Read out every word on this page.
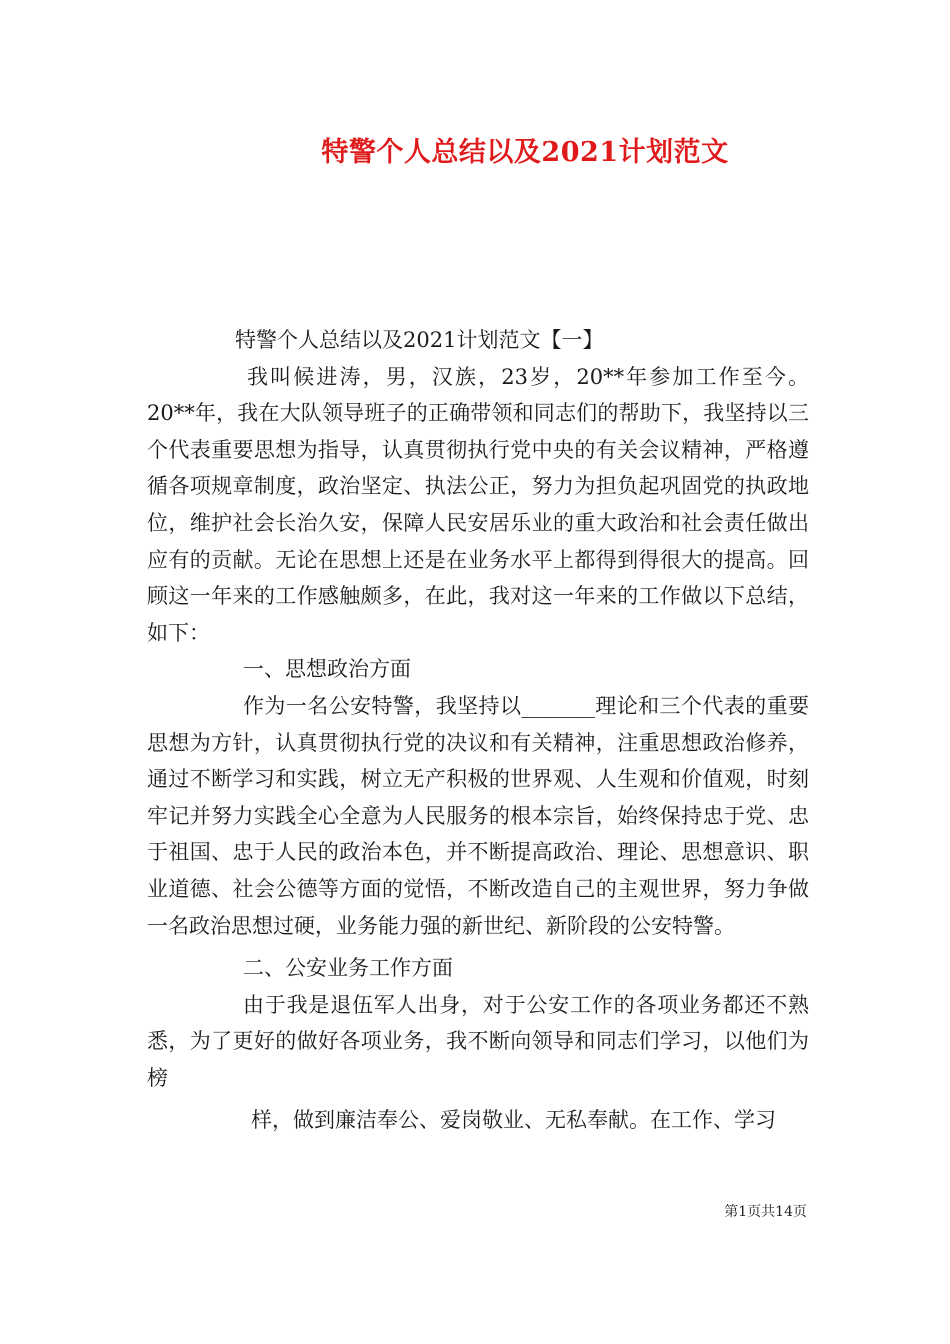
特警个人总结以及2021计划范文

特警个人总结以及2021计划范文【一】

我叫候进涛，男，汉族，23岁，20**年参加工作至今。20**年，我在大队领导班子的正确带领和同志们的帮助下，我坚持以三个代表重要思想为指导，认真贯彻执行党中央的有关会议精神，严格遵循各项规章制度，政治坚定、执法公正，努力为担负起巩固党的执政地位，维护社会长治久安，保障人民安居乐业的重大政治和社会责任做出应有的贡献。无论在思想上还是在业务水平上都得到得很大的提高。回顾这一年来的工作感触颇多，在此，我对这一年来的工作做以下总结，如下：

一、思想政治方面

作为一名公安特警，我坚持以_______理论和三个代表的重要思想为方针，认真贯彻执行党的决议和有关精神，注重思想政治修养，通过不断学习和实践，树立无产积极的世界观、人生观和价值观，时刻牢记并努力实践全心全意为人民服务的根本宗旨，始终保持忠于党、忠于祖国、忠于人民的政治本色，并不断提高政治、理论、思想意识、职业道德、社会公德等方面的觉悟，不断改造自己的主观世界，努力争做一名政治思想过硬，业务能力强的新世纪、新阶段的公安特警。

二、公安业务工作方面

由于我是退伍军人出身，对于公安工作的各项业务都还不熟悉，为了更好的做好各项业务，我不断向领导和同志们学习，以他们为榜

样，做到廉洁奉公、爱岗敬业、无私奉献。在工作、学习

第1页共14页
